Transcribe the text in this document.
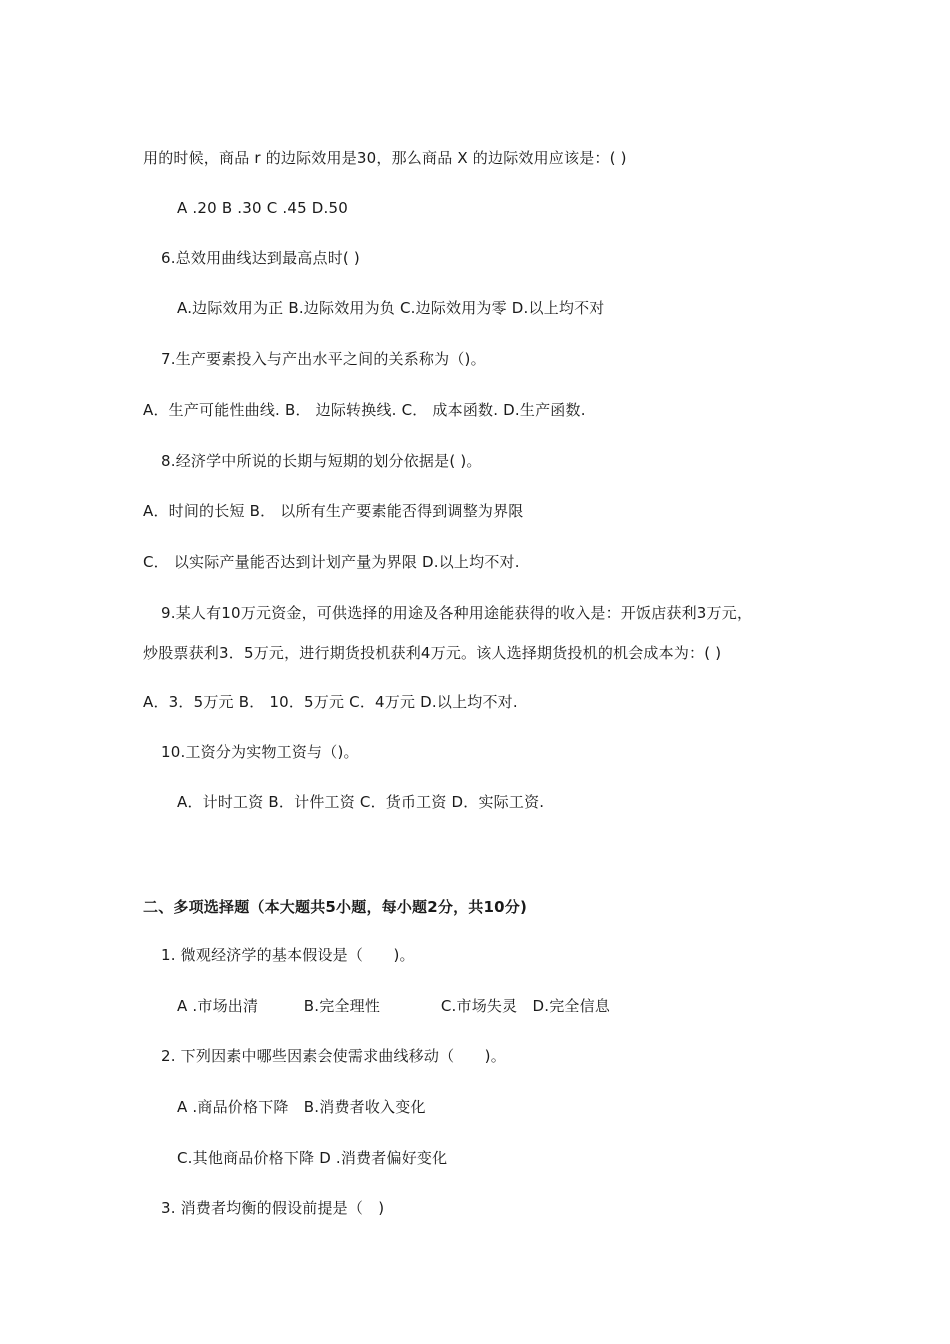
用的时候，商品 r 的边际效用是30，那么商品 X 的边际效用应该是：( )
A .20 B .30 C .45 D.50
6.总效用曲线达到最高点时( )
A.边际效用为正 B.边际效用为负 C.边际效用为零 D.以上均不对
7.生产要素投入与产出水平之间的关系称为（)。
A．生产可能性曲线. B． 边际转换线. C． 成本函数. D.生产函数.
8.经济学中所说的长期与短期的划分依据是( )。
A．时间的长短 B． 以所有生产要素能否得到调整为界限
C． 以实际产量能否达到计划产量为界限 D.以上均不对.
9.某人有10万元资金，可供选择的用途及各种用途能获得的收入是：开饭店获利3万元，
炒股票获利3．5万元，进行期货投机获利4万元。该人选择期货投机的机会成本为：( )
A．3．5万元 B． 10．5万元 C．4万元 D.以上均不对.
10.工资分为实物工资与（)。
A．计时工资 B．计件工资 C．货币工资 D．实际工资.
二、多项选择题（本大题共5小题，每小题2分，共10分)
1. 微观经济学的基本假设是（　　)。
A .市场出清　　　B.完全理性　　　　C.市场失灵　D.完全信息
2. 下列因素中哪些因素会使需求曲线移动（　　)。
A .商品价格下降　B.消费者收入变化
C.其他商品价格下降 D .消费者偏好变化
3. 消费者均衡的假设前提是（　)
